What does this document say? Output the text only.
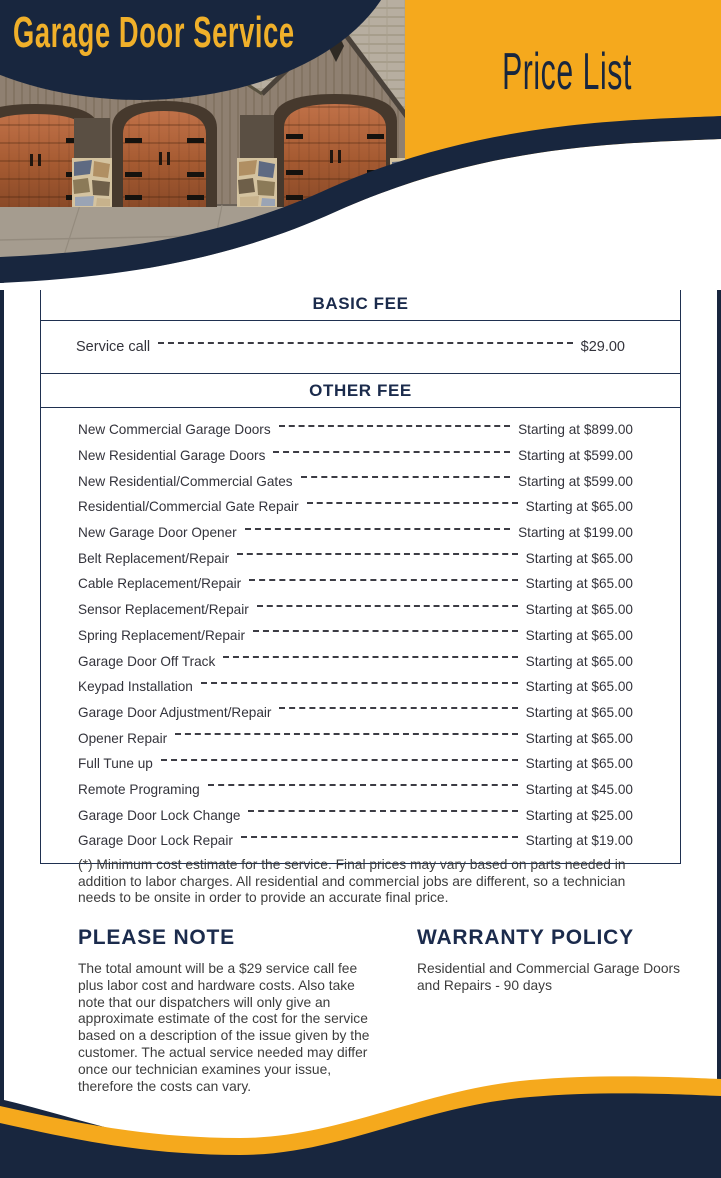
Garage Door Service
Price List
BASIC FEE
Service call	$29.00
OTHER FEE
New Commercial Garage Doors	Starting at $899.00
New Residential Garage Doors	Starting at $599.00
New Residential/Commercial Gates	Starting at $599.00
Residential/Commercial Gate Repair	Starting at $65.00
New Garage Door Opener	Starting at $199.00
Belt Replacement/Repair	Starting at $65.00
Cable Replacement/Repair	Starting at $65.00
Sensor Replacement/Repair	Starting at $65.00
Spring Replacement/Repair	Starting at $65.00
Garage Door Off Track	Starting at $65.00
Keypad Installation	Starting at $65.00
Garage Door Adjustment/Repair	Starting at $65.00
Opener Repair	Starting at $65.00
Full Tune up	Starting at $65.00
Remote Programing	Starting at $45.00
Garage Door Lock Change	Starting at $25.00
Garage Door Lock Repair	Starting at $19.00
(*) Minimum cost estimate for the service. Final prices may vary based on parts needed in addition to labor charges. All residential and commercial jobs are different, so a technician needs to be onsite in order to provide an accurate final price.
PLEASE NOTE
The total amount will be a $29 service call fee plus labor cost and hardware costs. Also take note that our dispatchers will only give an approximate estimate of the cost for the service based on a description of the issue given by the customer. The actual service needed may differ once our technician examines your issue, therefore the costs can vary.
WARRANTY POLICY
Residential and Commercial Garage Doors and Repairs - 90 days
